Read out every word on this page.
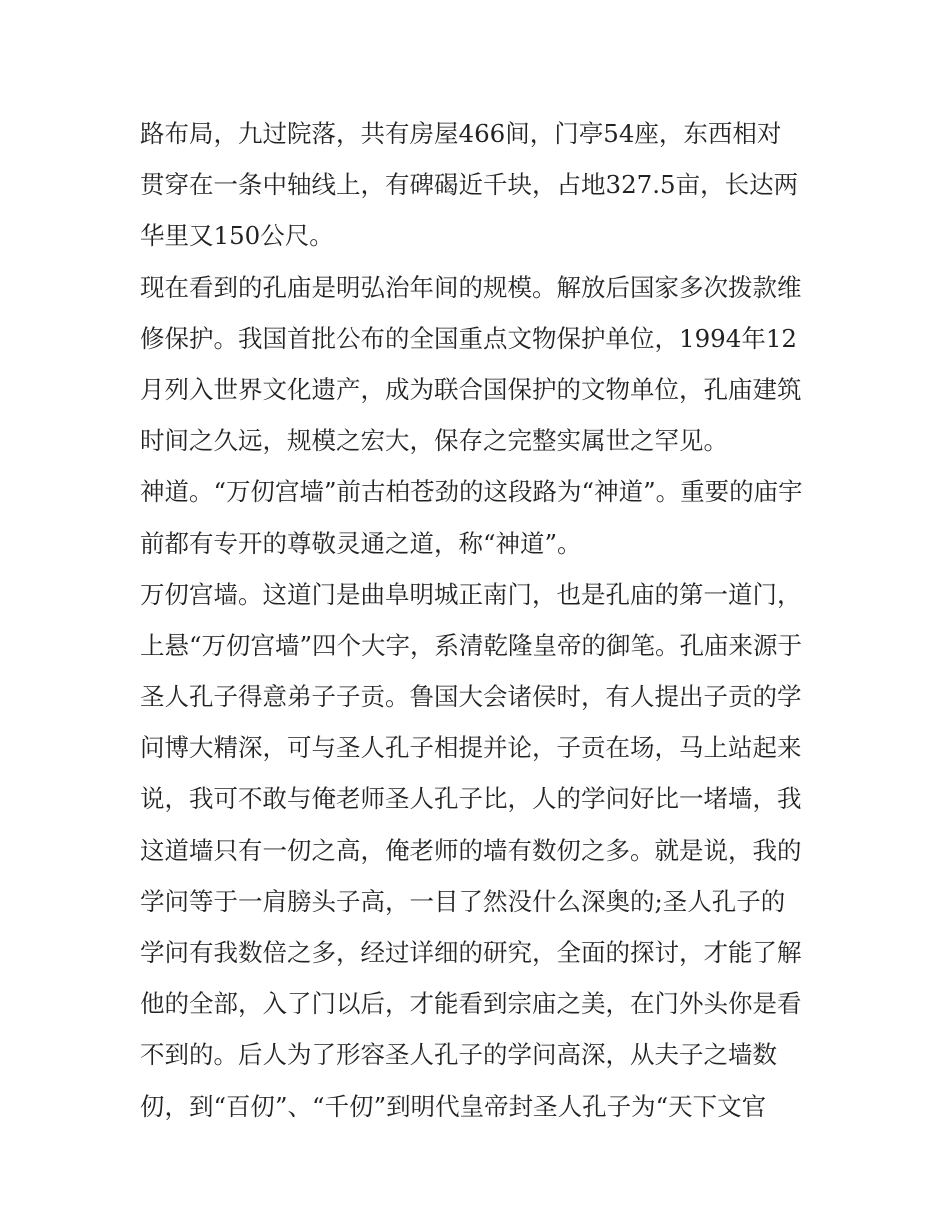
路布局，九过院落，共有房屋466间，门亭54座，东西相对
贯穿在一条中轴线上，有碑碣近千块，占地327.5亩，长达两
华里又150公尺。
现在看到的孔庙是明弘治年间的规模。解放后国家多次拨款维
修保护。我国首批公布的全国重点文物保护单位，1994年12
月列入世界文化遗产，成为联合国保护的文物单位，孔庙建筑
时间之久远，规模之宏大，保存之完整实属世之罕见。
神道。“万仞宫墙”前古柏苍劲的这段路为“神道”。重要的庙宇
前都有专开的尊敬灵通之道，称“神道”。
万仞宫墙。这道门是曲阜明城正南门，也是孔庙的第一道门，
上悬“万仞宫墙”四个大字，系清乾隆皇帝的御笔。孔庙来源于
圣人孔子得意弟子子贡。鲁国大会诸侯时，有人提出子贡的学
问博大精深，可与圣人孔子相提并论，子贡在场，马上站起来
说，我可不敢与俺老师圣人孔子比，人的学问好比一堵墙，我
这道墙只有一仞之高，俺老师的墙有数仞之多。就是说，我的
学问等于一肩膀头子高，一目了然没什么深奥的;圣人孔子的
学问有我数倍之多，经过详细的研究，全面的探讨，才能了解
他的全部，入了门以后，才能看到宗庙之美，在门外头你是看
不到的。后人为了形容圣人孔子的学问高深，从夫子之墙数
仞，到“百仞”、“千仞”到明代皇帝封圣人孔子为“天下文官
